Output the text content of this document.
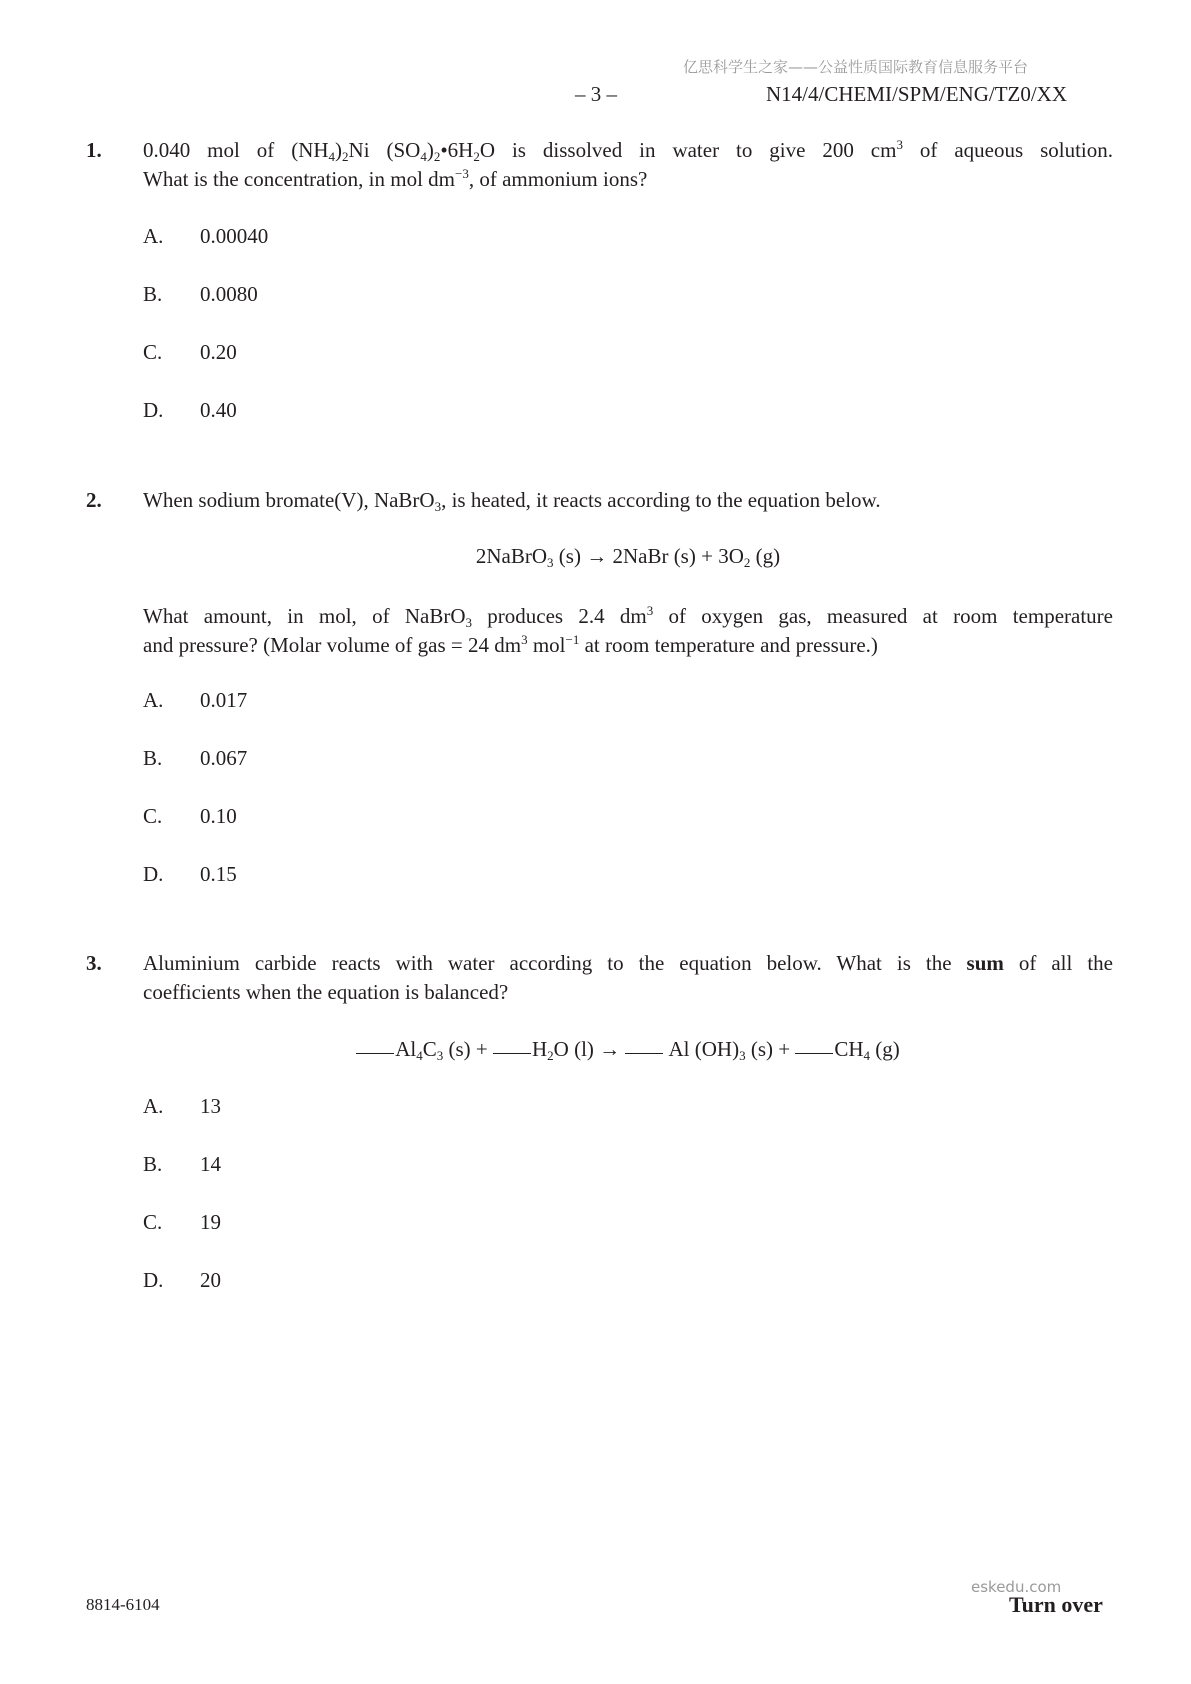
亿思科学生之家——公益性质国际教育信息服务平台
– 3 –	N14/4/CHEMI/SPM/ENG/TZ0/XX
1. 0.040 mol of $(NH_4)_2Ni$ $(SO_4)_2•6H_2O$ is dissolved in water to give 200 $cm^3$ of aqueous solution.
What is the concentration, in mol $dm^{-3}$, of ammonium ions?
A. 0.00040
B. 0.0080
C. 0.20
D. 0.40
2. When sodium bromate(V), NaBrO$_3$, is heated, it reacts according to the equation below.
2NaBrO$_3$ (s) → 2NaBr $(s) + 3O_2$ (g)
What amount, in mol, of NaBrO$_3$ produces 2.4 $dm^3$ of oxygen gas, measured at room temperature
and pressure? (Molar volume of gas = 24 $dm^3$ mol$^{-1}$ at room temperature and pressure.)
A. 0.017
B. 0.067
C. 0.10
D. 0.15
3. Aluminium carbide reacts with water according to the equation below. What is the sum of all the
coefficients when the equation is balanced?
$Al_4C_3$ $(s) + H_2O$ (l) →  Al $(OH)_3$ $(s) + CH_4$ (g)
A. 13
B. 14
C. 19
D. 20
8814-6104
eskedu.com
Turn over
